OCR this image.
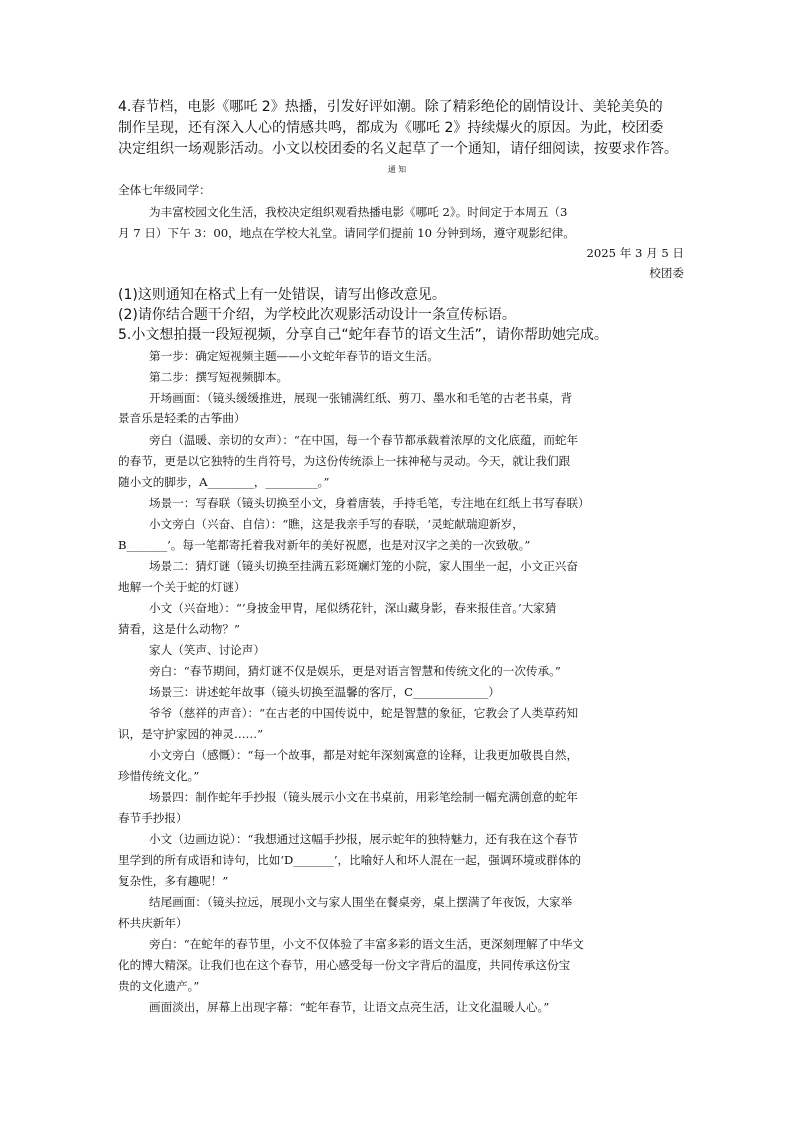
4.春节档，电影《哪吒 2》热播，引发好评如潮。除了精彩绝伦的剧情设计、美轮美奂的

制作呈现，还有深入人心的情感共鸣，都成为《哪吒 2》持续爆火的原因。为此，校团委

决定组织一场观影活动。小文以校团委的名义起草了一个通知，请仔细阅读，按要求作答。

通 知

全体七年级同学：

为丰富校园文化生活，我校决定组织观看热播电影《哪吒 2》。时间定于本周五（3

月 7 日）下午 3：00，地点在学校大礼堂。请同学们提前 10 分钟到场，遵守观影纪律。

2025 年 3 月 5 日

校团委

(1)这则通知在格式上有一处错误，请写出修改意见。

(2)请你结合题干介绍，为学校此次观影活动设计一条宣传标语。

5.小文想拍摄一段短视频，分享自己“蛇年春节的语文生活”，请你帮助她完成。

第一步：确定短视频主题——小文蛇年春节的语文生活。

第二步：撰写短视频脚本。

开场画面：（镜头缓缓推进，展现一张铺满红纸、剪刀、墨水和毛笔的古老书桌，背

景音乐是轻柔的古筝曲）

旁白（温暖、亲切的女声）：“在中国，每一个春节都承载着浓厚的文化底蕴，而蛇年

的春节，更是以它独特的生肖符号，为这份传统添上一抹神秘与灵动。今天，就让我们跟

随小文的脚步，A________，_________。”

场景一：写春联（镜头切换至小文，身着唐装，手持毛笔，专注地在红纸上书写春联）

小文旁白（兴奋、自信）：“瞧，这是我亲手写的春联，‘灵蛇献瑞迎新岁，

B_______’。每一笔都寄托着我对新年的美好祝愿，也是对汉字之美的一次致敬。”

场景二：猜灯谜（镜头切换至挂满五彩斑斓灯笼的小院，家人围坐一起，小文正兴奋

地解一个关于蛇的灯谜）

小文（兴奋地）：“‘身披金甲胄，尾似绣花针，深山藏身影，春来报佳音。’大家猜

猜看，这是什么动物？”

家人（笑声、讨论声）

旁白：“春节期间，猜灯谜不仅是娱乐，更是对语言智慧和传统文化的一次传承。”

场景三：讲述蛇年故事（镜头切换至温馨的客厅，C_____________）

爷爷（慈祥的声音）：“在古老的中国传说中，蛇是智慧的象征，它教会了人类草药知

识，是守护家园的神灵……”

小文旁白（感慨）：“每一个故事，都是对蛇年深刻寓意的诠释，让我更加敬畏自然，

珍惜传统文化。”

场景四：制作蛇年手抄报（镜头展示小文在书桌前，用彩笔绘制一幅充满创意的蛇年

春节手抄报）

小文（边画边说）：“我想通过这幅手抄报，展示蛇年的独特魅力，还有我在这个春节

里学到的所有成语和诗句，比如‘D_______’，比喻好人和坏人混在一起，强调环境或群体的

复杂性，多有趣呢！”

结尾画面：（镜头拉远，展现小文与家人围坐在餐桌旁，桌上摆满了年夜饭，大家举

杯共庆新年）

旁白：“在蛇年的春节里，小文不仅体验了丰富多彩的语文生活，更深刻理解了中华文

化的博大精深。让我们也在这个春节，用心感受每一份文字背后的温度，共同传承这份宝

贵的文化遗产。”

画面淡出，屏幕上出现字幕：“蛇年春节，让语文点亮生活，让文化温暖人心。”
